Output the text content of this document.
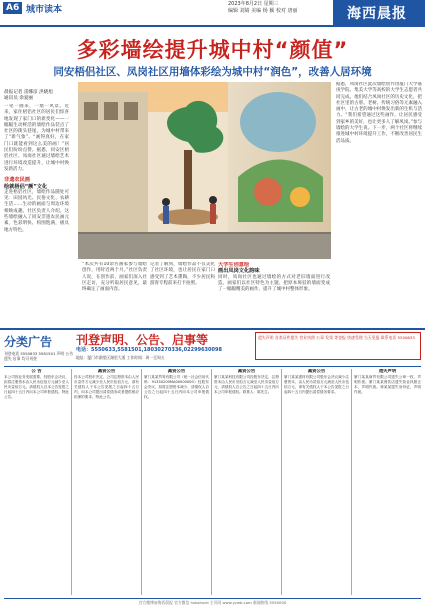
A6 城市读本
2023年8月2日 星期三
编辑 刘婧 美编 杨 颖 校对 唐丽	海西晨报
多彩墙绘提升城中村“颜值”
同安梧侣社区、凤岗社区用墙体彩绘为城中村“润色”，改善人居环境
晨报记者 雷娜彦 洪晓旭
通讯员 余爱丽

一笔一画来，一墙一风景。近来，家住梧侣社区的居民们惊喜地发现了家门口的新变化——一幅幅生动鲜活的墙绘作品装点了社区的街头巷尾，为城中村带来了“新气象”。“画得真好，在家门口就能看到这么美的画！”居民们纷纷点赞。据悉，同安区梧侣社区、凤岗社区通过墙绘艺术进行环境改造提升，让城中村焕发新活力。

非遗农民画

绘就梧侣“颜”文化

走进梧侣社区，墙绘作品随处可见：田园风光、民俗文化、农耕生活……生动的画面与周边环境相映成趣。社区负责人介绍，这些墙绘融入了同安非遗农民画元素，色彩明快、构图饱满，极具地方特色。

据悉，凤岗社区此次墙绘创作由厦门大学嘉庚学院、集美大学等高校的大学生志愿者共同完成。他们结合凤岗社区的历史文化，把社区里的古厝、老树、传统习俗等元素融入画中，让古老的城中村焕发出新的生机与活力。“我们希望通过这些画作，让居民感受到家乡的美好，也让更多人了解凤岗。”参与墙绘的大学生说。下一步，两个社区将继续推进城中村环境提升工作，不断改善居民生活品质。

“本次共有10余名画家参与墙绘创作，用时近两个月。”社区负责人说，在创作前，画家们深入社区走访，充分听取居民意见，最终确定了画面内容。

记者了解到，墙绘作品不仅美化了社区环境，也让居民在家门口感受到了艺术熏陶，不少居民和游客专程前来打卡拍照。

大学生创意绘

画出凤岗文化韵味

同时，凤岗社区也通过墙绘的方式对老旧墙面进行改造。画家们以社区特色为主题，把原本斑驳的墙面变成了一幅幅精美的画作，提升了城中村整体形象。

分类广告
刊登电话 5550633 5581501 声明 公告 遗失 启事 均可刊登
刊登声明、公告、启事等
电话：5550633,5581501,18030270336,02299630098
地址：厦门市湖里区湖里大道 工作时间：周一至周五
遗失声明 各类证件遗失 营业执照 公章 发票 等登报 快速受理 当天见报 联系电话 5550633
公 告
本公司因业务发展需要，经股东会决议，拟将注册资本由人民币伍佰万元减少至人民币壹佰万元。请债权人自本公告见报之日起四十五日内向本公司申报债权。特此公告。
减资公告
经本公司股东决定，公司注册资本由人民币壹仟万元减少至人民币伍佰万元，请有关债权人于本公告见报之日起四十五日内，向本公司提出清偿债务或者提供相应担保的要求。特此公告。
减资公告
厦门某某贸易有限公司（统一社会信用代码：91350200MA00000000）经股东会决议，拟将注册资本减少，请债权人自公告之日起四十五日内向本公司申报债权。
减资公告
厦门某某科技有限公司经股东决定，注册资本由人民币叁佰万元减至人民币壹佰万元，请债权人自公告之日起四十五日内向本公司申报债权。联系人：陈先生。
减资公告
厦门某某建材有限公司股东会决议减少注册资本，由人民币贰佰万元减至人民币伍拾万元，请有关债权人于本公告见报之日起四十五日内提出清偿债务要求。
遗失声明
厦门某某商贸有限公司遗失公章一枚，声明作废。厦门某某餐饮店遗失营业执照正本，声明作废。林某某遗失身份证，声明作废。
官方微博@海西晨报 官方微信 hxbzhxcb 主页网 www.ycwb.com 新闻热线 5550000
